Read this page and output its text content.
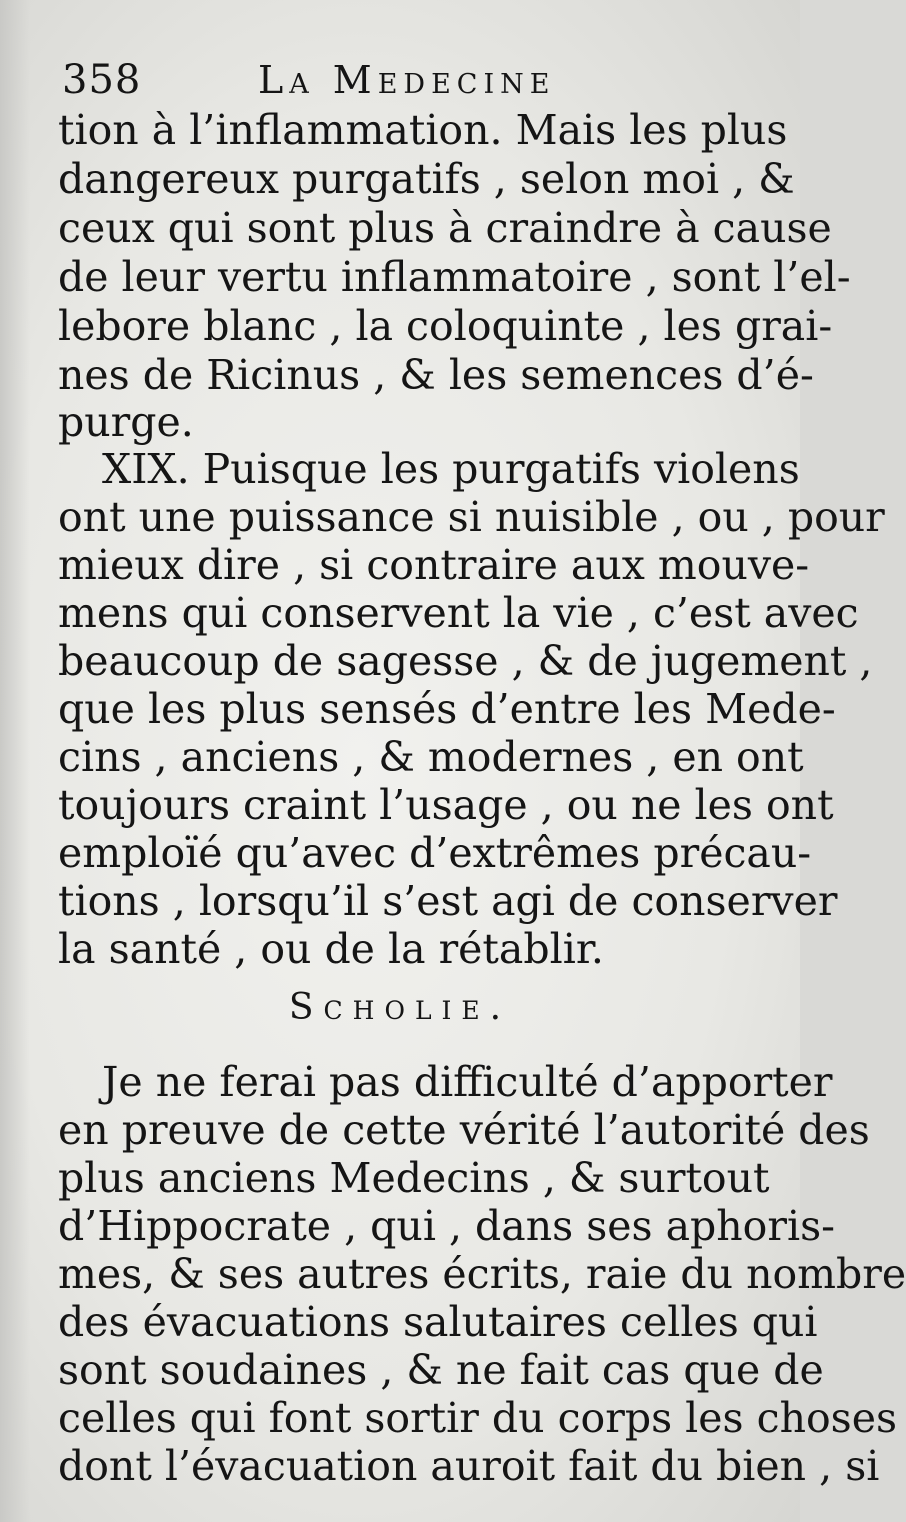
358	La Medecine
tion à l’inflammation. Mais les plus
dangereux purgatifs , selon moi , &
ceux qui sont plus à craindre à cause
de leur vertu inflammatoire , sont l’el-
lebore blanc , la coloquinte , les grai-
nes de Ricinus , & les semences d’é-
purge.
XIX. Puisque les purgatifs violens
ont une puissance si nuisible , ou , pour
mieux dire , si contraire aux mouve-
mens qui conservent la vie , c’est avec
beaucoup de sagesse , & de jugement ,
que les plus sensés d’entre les Mede-
cins , anciens , & modernes , en ont
toujours craint l’usage , ou ne les ont
emploïé qu’avec d’extrêmes précau-
tions , lorsqu’il s’est agi de conserver
la santé , ou de la rétablir.
Scholie.
Je ne ferai pas difficulté d’apporter
en preuve de cette vérité l’autorité des
plus anciens Medecins , & surtout
d’Hippocrate , qui , dans ses aphoris-
mes, & ses autres écrits, raie du nombre
des évacuations salutaires celles qui
sont soudaines , & ne fait cas que de
celles qui font sortir du corps les choses
dont l’évacuation auroit fait du bien , si
